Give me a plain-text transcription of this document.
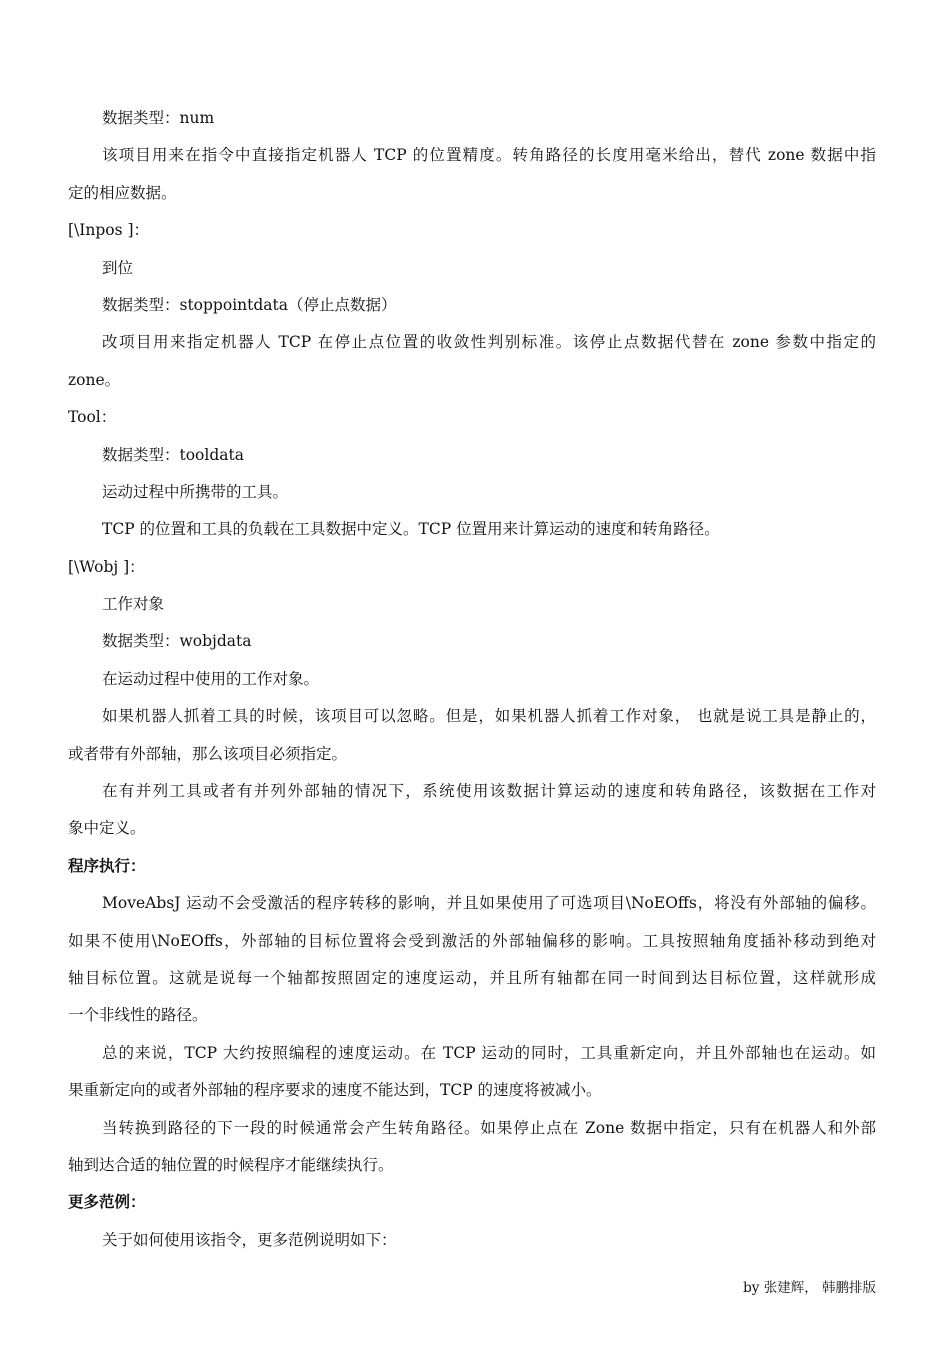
数据类型：num
该项目用来在指令中直接指定机器人 TCP 的位置精度。转角路径的长度用毫米给出，替代 zone 数据中指
定的相应数据。
[\Inpos ]：
到位
数据类型：stoppointdata（停止点数据）
改项目用来指定机器人 TCP 在停止点位置的收敛性判别标准。该停止点数据代替在 zone 参数中指定的
zone。
Tool：
数据类型：tooldata
运动过程中所携带的工具。
TCP 的位置和工具的负载在工具数据中定义。TCP 位置用来计算运动的速度和转角路径。
[\Wobj ]：
工作对象
数据类型：wobjdata
在运动过程中使用的工作对象。
如果机器人抓着工具的时候，该项目可以忽略。但是，如果机器人抓着工作对象， 也就是说工具是静止的，
或者带有外部轴，那么该项目必须指定。
在有并列工具或者有并列外部轴的情况下，系统使用该数据计算运动的速度和转角路径，该数据在工作对
象中定义。
程序执行：
MoveAbsJ 运动不会受激活的程序转移的影响，并且如果使用了可选项目\NoEOffs，将没有外部轴的偏移。
如果不使用\NoEOffs，外部轴的目标位置将会受到激活的外部轴偏移的影响。工具按照轴角度插补移动到绝对
轴目标位置。这就是说每一个轴都按照固定的速度运动，并且所有轴都在同一时间到达目标位置，这样就形成
一个非线性的路径。
总的来说，TCP 大约按照编程的速度运动。在 TCP 运动的同时，工具重新定向，并且外部轴也在运动。如
果重新定向的或者外部轴的程序要求的速度不能达到，TCP 的速度将被减小。
当转换到路径的下一段的时候通常会产生转角路径。如果停止点在 Zone 数据中指定，只有在机器人和外部
轴到达合适的轴位置的时候程序才能继续执行。
更多范例：
关于如何使用该指令，更多范例说明如下：
by 张建辉， 韩鹏排版
